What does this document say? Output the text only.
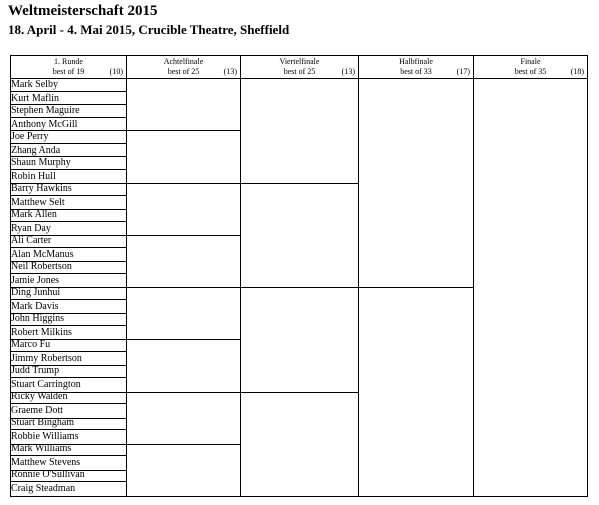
Weltmeisterschaft 2015
18. April - 4. Mai 2015, Crucible Theatre, Sheffield
1. Runde
best of 19	(10)
Achtelfinale
best of 25	(13)
Viertelfinale
best of 25	(13)
Halbfinale
best of 33	(17)
Finale
best of 35	(18)
Mark Selby
Kurt Maflin
Stephen Maguire
Anthony McGill
Joe Perry
Zhang Anda
Shaun Murphy
Robin Hull
Barry Hawkins
Matthew Selt
Mark Allen
Ryan Day
Ali Carter
Alan McManus
Neil Robertson
Jamie Jones
Ding Junhui
Mark Davis
John Higgins
Robert Milkins
Marco Fu
Jimmy Robertson
Judd Trump
Stuart Carrington
Ricky Walden
Graeme Dott
Stuart Bingham
Robbie Williams
Mark Williams
Matthew Stevens
Ronnie O'Sullivan
Craig Steadman
